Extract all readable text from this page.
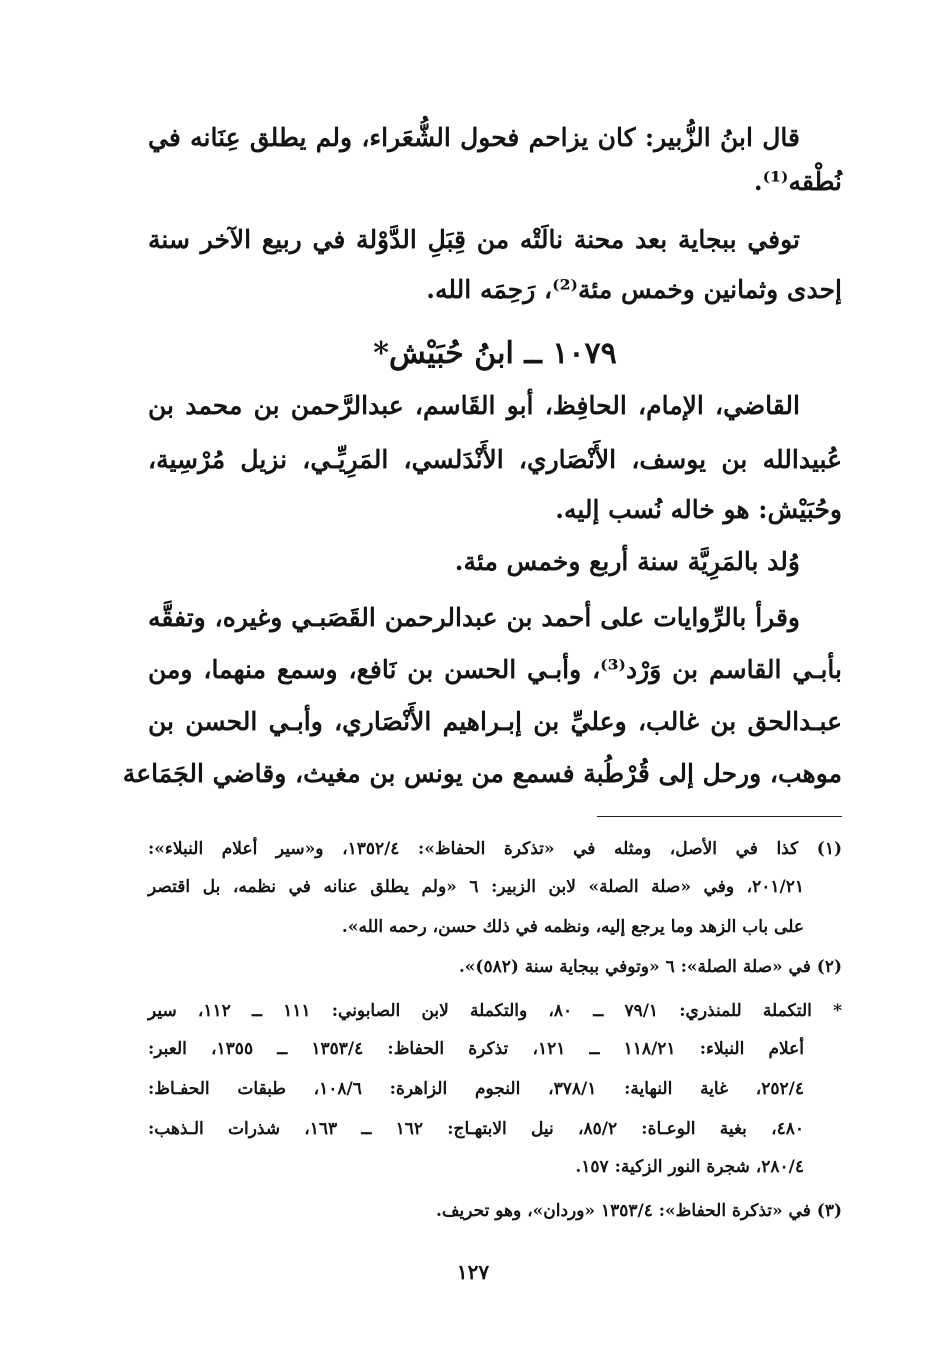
قال ابنُ الزُّبير: كان يزاحم فحول الشُّعَراء، ولم يطلق عِنَانه في
نُطْقه⁽¹⁾.
توفي ببجاية بعد محنة نالَتْه من قِبَلِ الدَّوْلة في ربيع الآخر سنة
إحدى وثمانين وخمس مئة⁽²⁾، رَحِمَه الله.
١٠٧٩ ــ ابنُ حُبَيْش*
القاضي، الإمام، الحافِظ، أبو القَاسم، عبدالرَّحمن بن محمد بن
عُبيدالله بن يوسف، الأَنْصَاري، الأَنْدَلسي، المَرِيِّـي، نزيل مُرْسِية،
وحُبَيْش: هو خاله نُسب إليه.
وُلد بالمَرِيَّة سنة أربع وخمس مئة.
وقرأ بالرِّوايات على أحمد بن عبدالرحمن القَصَبـي وغيره، وتفقَّه
بأبـي القاسم بن وَرْد⁽³⁾، وأبـي الحسن بن نَافع، وسمع منهما، ومن
عبـدالحق بن غالب، وعليِّ بن إبـراهيم الأَنْصَاري، وأبـي الحسن بن
موهب، ورحل إلى قُرْطُبة فسمع من يونس بن مغيث، وقاضي الجَمَاعة
(١) كذا في الأصل، ومثله في «تذكرة الحفاظ»: ١٣٥٢/٤، و«سير أعلام النبلاء»:
٢٠١/٢١، وفي «صلة الصلة» لابن الزبير: ٦ «ولم يطلق عنانه في نظمه، بل اقتصر
على باب الزهد وما يرجع إليه، ونظمه في ذلك حسن، رحمه الله».
(٢) في «صلة الصلة»: ٦ «وتوفي ببجاية سنة (٥٨٢)».
* التكملة للمنذري: ٧٩/١ ــ ٨٠، والتكملة لابن الصابوني: ١١١ ــ ١١٢، سير
أعلام النبلاء: ١١٨/٢١ ــ ١٢١، تذكرة الحفاظ: ١٣٥٣/٤ ــ ١٣٥٥، العبر:
٢٥٢/٤، غاية النهاية: ٣٧٨/١، النجوم الزاهرة: ١٠٨/٦، طبقات الحفـاظ:
٤٨٠، بغية الوعـاة: ٨٥/٢، نيل الابتهـاج: ١٦٢ ــ ١٦٣، شذرات الـذهب:
٢٨٠/٤، شجرة النور الزكية: ١٥٧.
(٣) في «تذكرة الحفاظ»: ١٣٥٣/٤ «وردان»، وهو تحريف.
١٢٧
